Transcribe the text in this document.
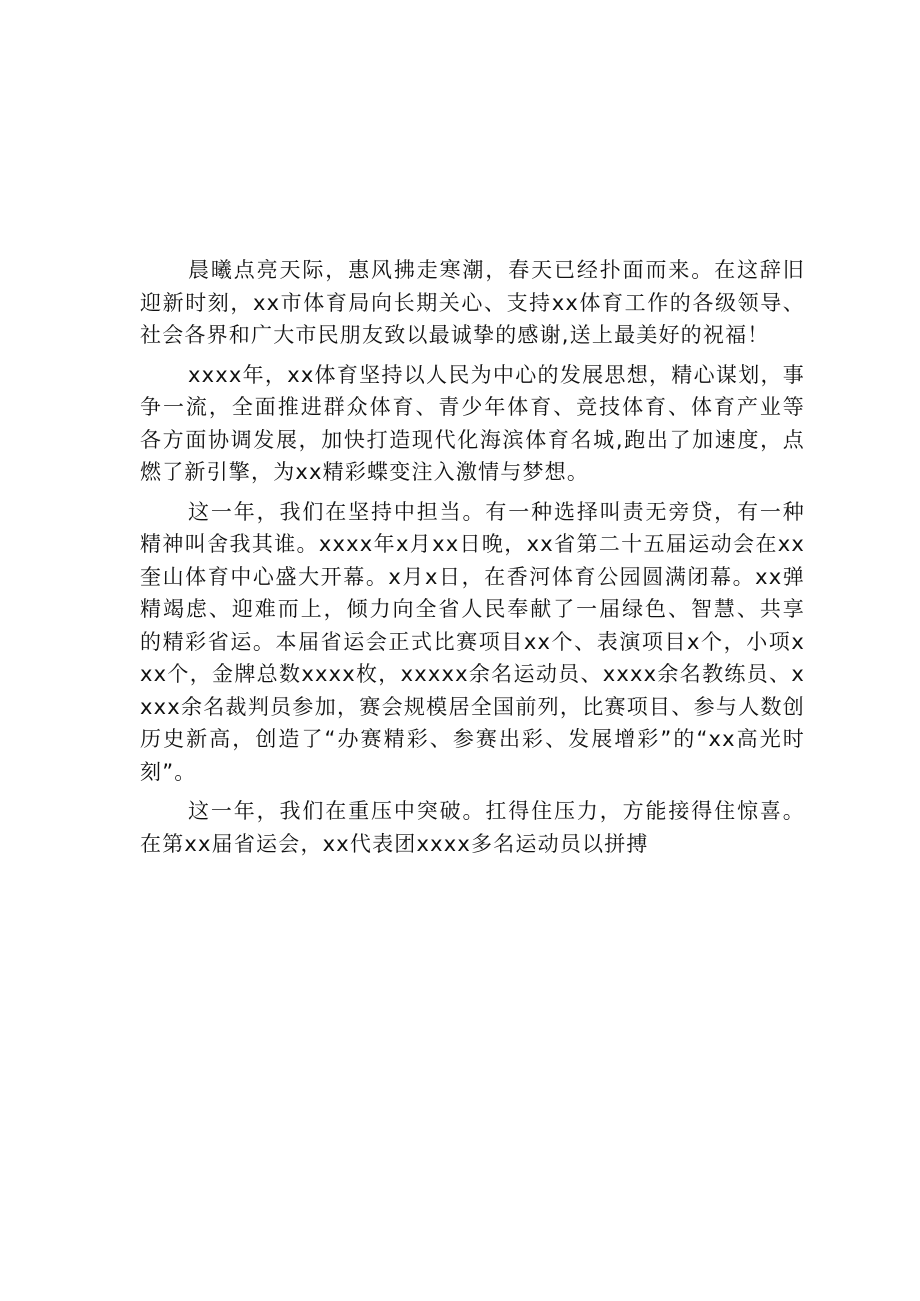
晨曦点亮天际，惠风拂走寒潮，春天已经扑面而来。在这辞旧迎新时刻，xx市体育局向长期关心、支持xx体育工作的各级领导、社会各界和广大市民朋友致以最诚挚的感谢,送上最美好的祝福！

xxxx年，xx体育坚持以人民为中心的发展思想，精心谋划，事争一流，全面推进群众体育、青少年体育、竞技体育、体育产业等各方面协调发展，加快打造现代化海滨体育名城,跑出了加速度，点燃了新引擎，为xx精彩蝶变注入激情与梦想。

这一年，我们在坚持中担当。有一种选择叫责无旁贷，有一种精神叫舍我其谁。xxxx年x月xx日晚，xx省第二十五届运动会在xx奎山体育中心盛大开幕。x月x日，在香河体育公园圆满闭幕。xx弹精竭虑、迎难而上，倾力向全省人民奉献了一届绿色、智慧、共享的精彩省运。本届省运会正式比赛项目xx个、表演项目x个，小项xxx个，金牌总数xxxx枚，xxxxx余名运动员、xxxx余名教练员、xxxx余名裁判员参加，赛会规模居全国前列，比赛项目、参与人数创历史新高，创造了“办赛精彩、参赛出彩、发展增彩”的“xx高光时刻”。

这一年，我们在重压中突破。扛得住压力，方能接得住惊喜。在第xx届省运会，xx代表团xxxx多名运动员以拼搏
